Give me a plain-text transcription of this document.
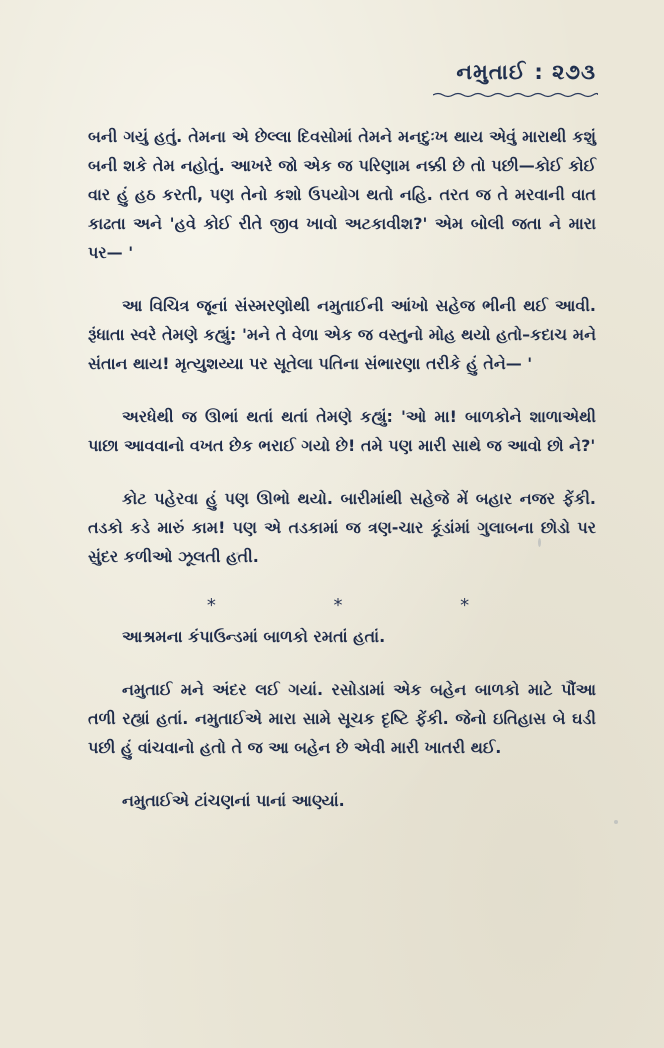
નમુતાઈ : ૨૭૩

બની ગયું હતું. તેમના એ છેલ્લા દિવસોમાં તેમને મનદુઃખ થાય એવું મારાથી કશું બની શકે તેમ નહોતું. આખરે જો એક જ પરિણામ નક્કી છે તો પછી—કોઈ કોઈ વાર હું હઠ કરતી, પણ તેનો કશો ઉપયોગ થતો નહિ. તરત જ તે મરવાની વાત કાઢતા અને 'હવે કોઈ રીતે જીવ ખાવો અટકાવીશ?' એમ બોલી જતા ને મારા પર— '

આ વિચિત્ર જૂનાં સંસ્મરણોથી નમુતાઈની આંખો સહેજ ભીની થઈ આવી. રૂંધાતા સ્વરે તેમણે કહ્યું: 'મને તે વેળા એક જ વસ્તુનો મોહ થયો હતો–કદાચ મને સંતાન થાય! મૃત્યુશય્યા પર સૂતેલા પતિના સંભારણા તરીકે હું તેને— '

અરધેથી જ ઊભાં થતાં થતાં તેમણે કહ્યું: 'ઓ મા! બાળકોને શાળાએથી પાછા આવવાનો વખત છેક ભરાઈ ગયો છે! તમે પણ મારી સાથે જ આવો છો ને?'

કોટ પહેરવા હું પણ ઊભો થયો. બારીમાંથી સહેજે મેં બહાર નજર ફેંકી. તડકો કડે મારું કામ! પણ એ તડકામાં જ ત્રણ-ચાર કૂંડાંમાં ગુલાબના છોડો પર સુંદર કળીઓ ઝૂલતી હતી.

*	*	*

આશ્રમના કંપાઉન્ડમાં બાળકો રમતાં હતાં.

નમુતાઈ મને અંદર લઈ ગયાં. રસોડામાં એક બહેન બાળકો માટે પૌંઆ તળી રહ્યાં હતાં. નમુતાઈએ મારા સામે સૂચક દૃષ્ટિ ફેંકી. જેનો ઇતિહાસ બે ઘડી પછી હું વાંચવાનો હતો તે જ આ બહેન છે એવી મારી ખાતરી થઈ.

નમુતાઈએ ટાંચણનાં પાનાં આણ્યાં.
